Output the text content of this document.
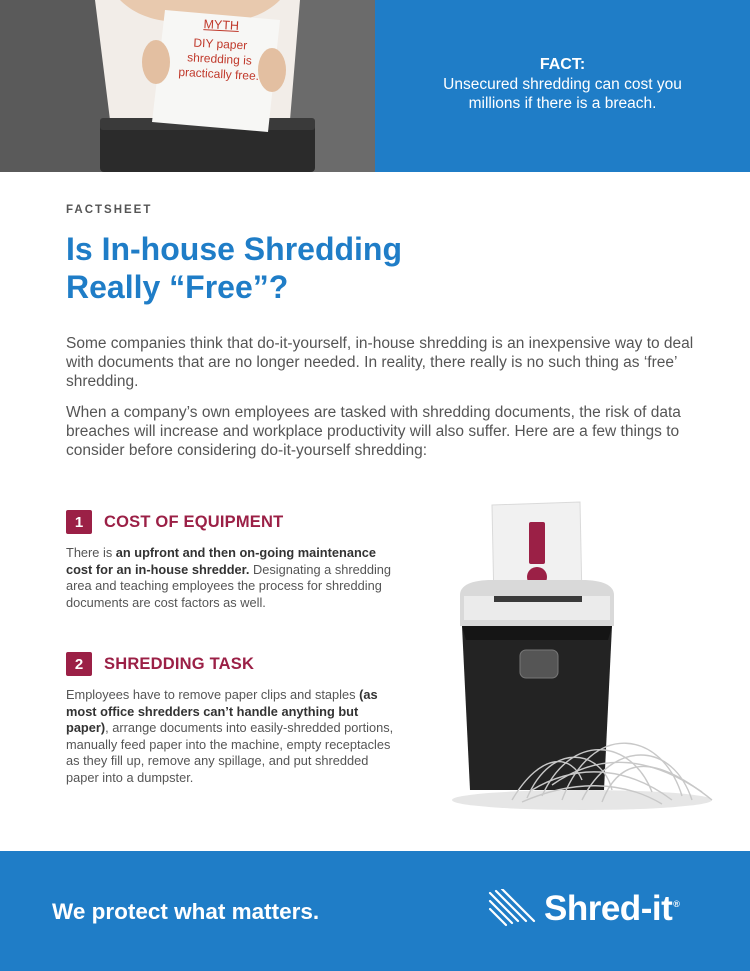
MYTH
DIY paper shredding is practically free.
FACT:
Unsecured shredding can cost you millions if there is a breach.
FACTSHEET
Is In-house Shredding
Really “Free”?

Some companies think that do-it-yourself, in-house shredding is an inexpensive way to deal with documents that are no longer needed. In reality, there really is no such thing as ‘free’ shredding.

When a company’s own employees are tasked with shredding documents, the risk of data breaches will increase and workplace productivity will also suffer. Here are a few things to consider before considering do-it-yourself shredding:

1	COST OF EQUIPMENT
There is an upfront and then on-going maintenance cost for an in-house shredder. Designating a shredding area and teaching employees the process for shredding documents are cost factors as well.
2	SHREDDING TASK
Employees have to remove paper clips and staples (as most office shredders can’t handle anything but paper), arrange documents into easily-shredded portions, manually feed paper into the machine, empty receptacles as they fill up, remove any spillage, and put shredded paper into a dumpster.
We protect what matters.	Shred-it®
